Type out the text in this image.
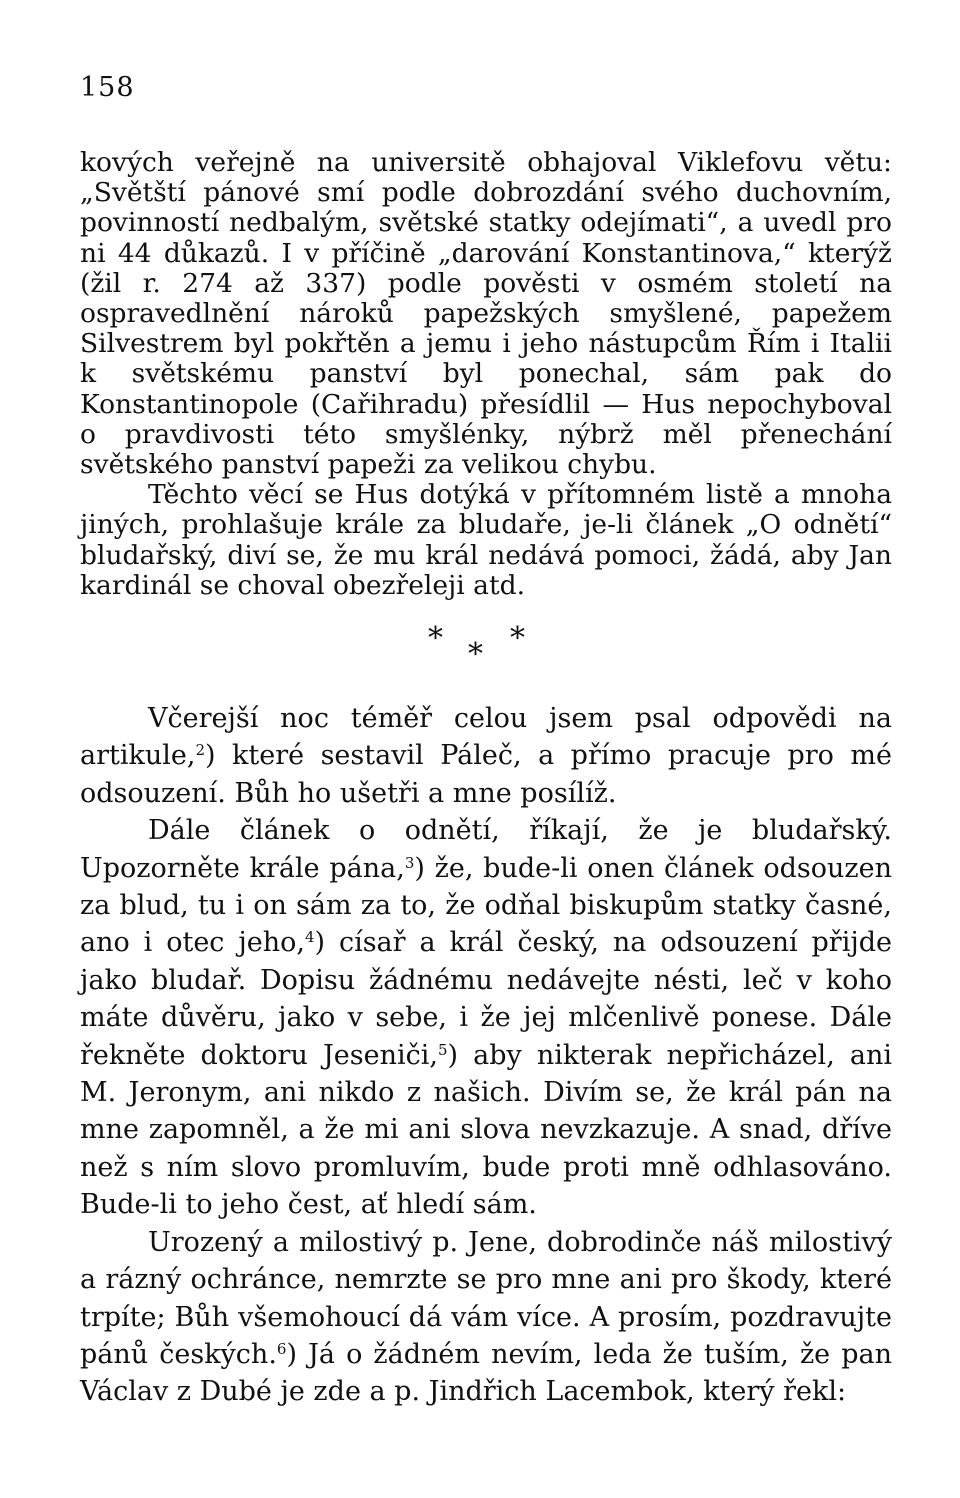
158

kových veřejně na universitě obhajoval Viklefovu větu: „Světští pánové smí podle dobrozdání svého duchovním, povinností nedbalým, světské statky odejímati“, a uvedl pro ni 44 důkazů. I v příčině „darování Konstantinova,“ kterýž (žil r. 274 až 337) podle pověsti v osmém století na ospravedlnění nároků papežských smyšlené, papežem Silvestrem byl pokřtěn a jemu i jeho nástupcům Řím i Italii k světskému panství byl ponechal, sám pak do Konstantinopole (Cařihradu) přesídlil — Hus nepochyboval o pravdivosti této smyšlénky, nýbrž měl přenechání světského panství papeži za velikou chybu.

Těchto věcí se Hus dotýká v přítomném listě a mnoha jiných, prohlašuje krále za bludaře, je-li článek „O odnětí“ bludařský, diví se, že mu král nedává pomoci, žádá, aby Jan kardinál se choval obezřeleji atd.

* *
*

Včerejší noc téměř celou jsem psal odpovědi na artikule,$^2$) které sestavil Páleč, a přímo pracuje pro mé odsouzení. Bůh ho ušetři a mne posílíž.

Dále článek o odnětí, říkají, že je bludařský. Upozorněte krále pána,$^3$) že, bude-li onen článek odsouzen za blud, tu i on sám za to, že odňal biskupům statky časné, ano i otec jeho,$^4$) císař a král český, na odsouzení přijde jako bludař. Dopisu žádnému nedávejte nésti, leč v koho máte důvěru, jako v sebe, i že jej mlčenlivě ponese. Dále řekněte doktoru Jeseniči,$^5$) aby nikterak nepřicházel, ani M. Jeronym, ani nikdo z našich. Divím se, že král pán na mne zapomněl, a že mi ani slova nevzkazuje. A snad, dříve než s ním slovo promluvím, bude proti mně odhlasováno. Bude-li to jeho čest, ať hledí sám.

Urozený a milostivý p. Jene, dobrodinče náš milostivý a rázný ochránce, nemrzte se pro mne ani pro škody, které trpíte; Bůh všemohoucí dá vám více. A prosím, pozdravujte pánů českých.$^6$) Já o žádném nevím, leda že tuším, že pan Václav z Dubé je zde a p. Jindřich Lacembok, který řekl:
